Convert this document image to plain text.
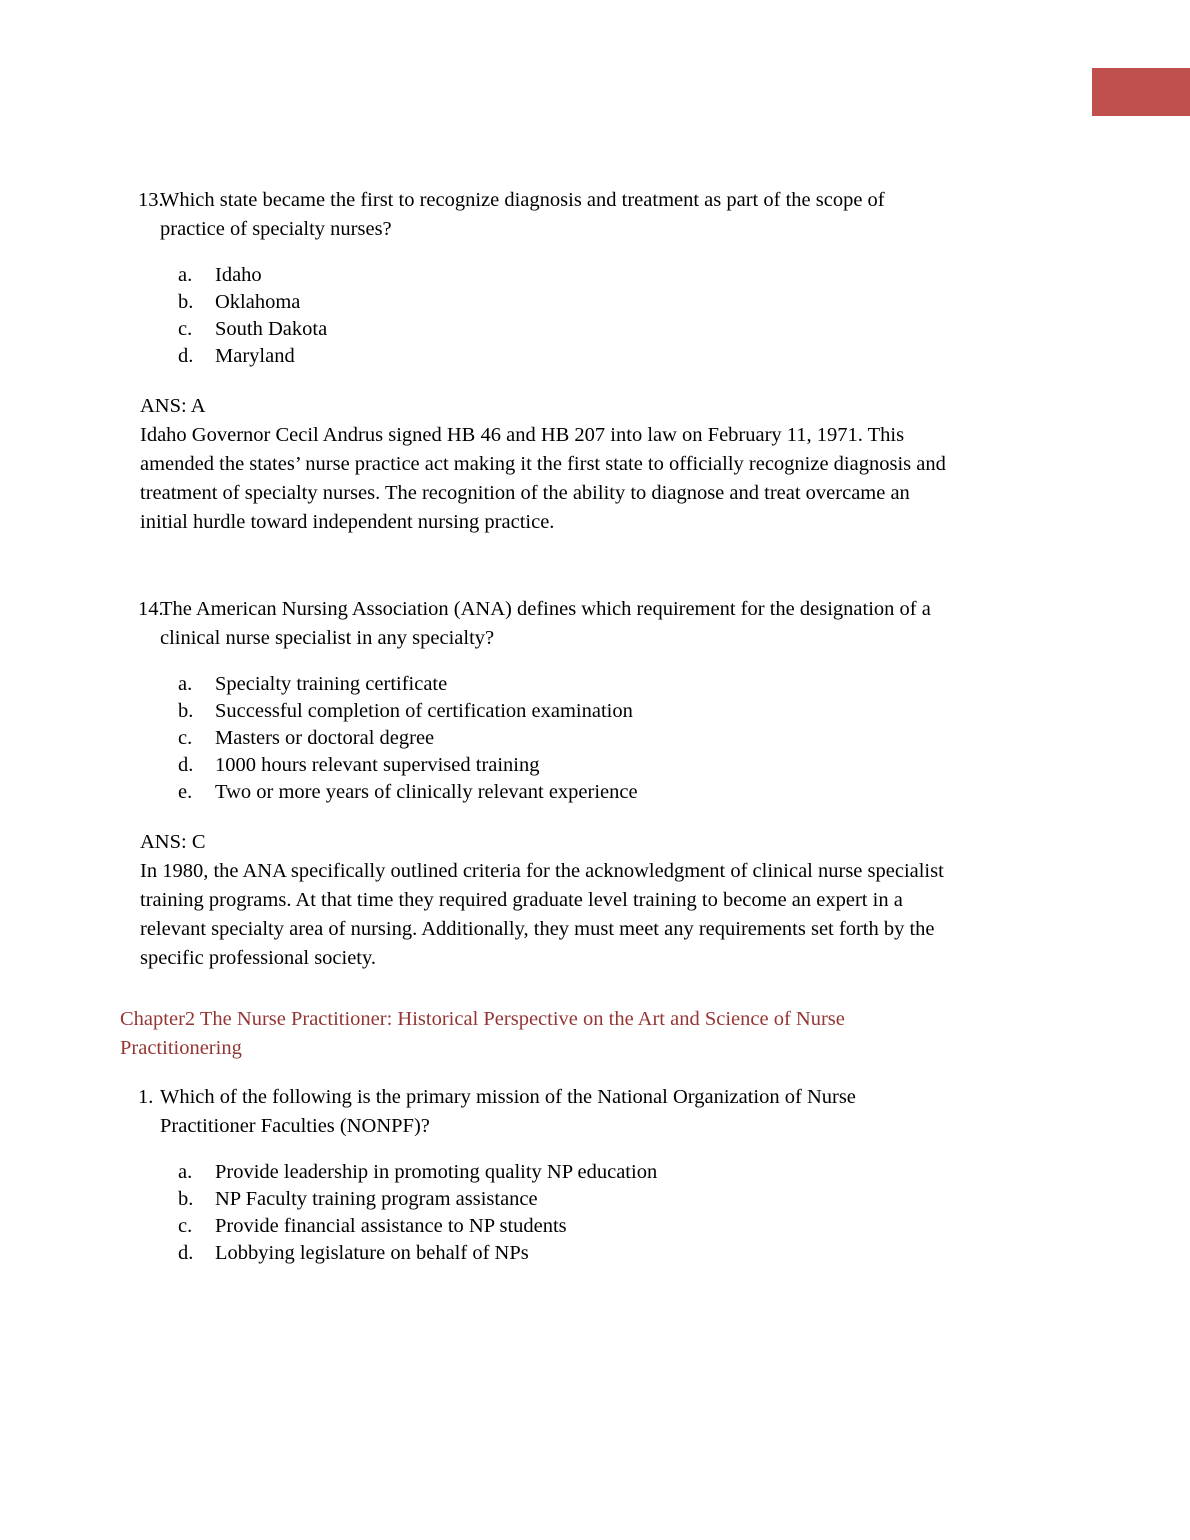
13.
Which state became the first to recognize diagnosis and treatment as part of the scope of practice of specialty nurses?
a.	Idaho
b.	Oklahoma
c.	South Dakota
d.	Maryland
ANS: A
Idaho Governor Cecil Andrus signed HB 46 and HB 207 into law on February 11, 1971. This amended the states’ nurse practice act making it the first state to officially recognize diagnosis and treatment of specialty nurses. The recognition of the ability to diagnose and treat overcame an initial hurdle toward independent nursing practice.
14.
The American Nursing Association (ANA) defines which requirement for the designation of a clinical nurse specialist in any specialty?
a.	Specialty training certificate
b.	Successful completion of certification examination
c.	Masters or doctoral degree
d.	1000 hours relevant supervised training
e.	Two or more years of clinically relevant experience
ANS: C
In 1980, the ANA specifically outlined criteria for the acknowledgment of clinical nurse specialist training programs. At that time they required graduate level training to become an expert in a relevant specialty area of nursing. Additionally, they must meet any requirements set forth by the specific professional society.
Chapter2 The Nurse Practitioner: Historical Perspective on the Art and Science of Nurse Practitionering
1. Which of the following is the primary mission of the National Organization of Nurse Practitioner Faculties (NONPF)?
a.	Provide leadership in promoting quality NP education
b.	NP Faculty training program assistance
c.	Provide financial assistance to NP students
d.	Lobbying legislature on behalf of NPs
